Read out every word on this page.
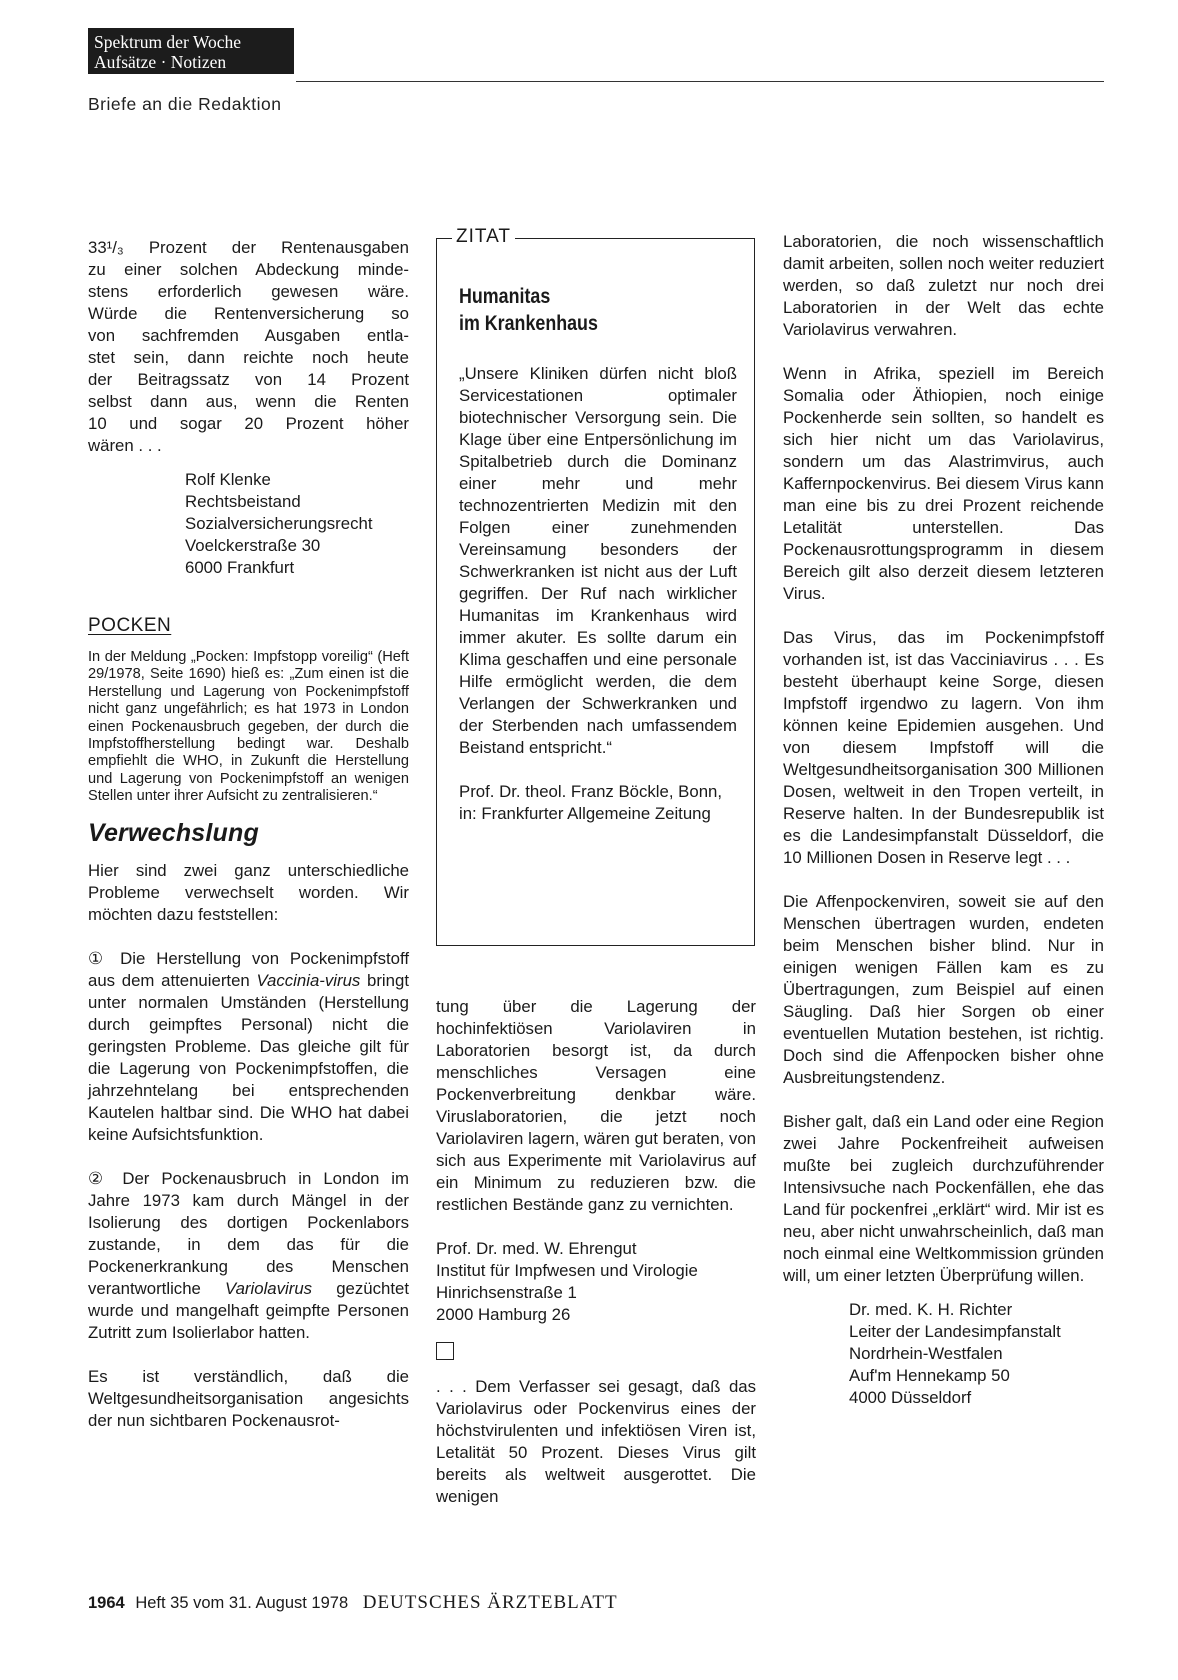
Spektrum der Woche
Aufsätze · Notizen
Briefe an die Redaktion

33¹/₃ Prozent der Rentenausgaben
zu einer solchen Abdeckung minde-
stens erforderlich gewesen wäre.
Würde die Rentenversicherung so
von sachfremden Ausgaben entla-
stet sein, dann reichte noch heute
der Beitragssatz von 14 Prozent
selbst dann aus, wenn die Renten
10 und sogar 20 Prozent höher
wären . . .

Rolf Klenke
Rechtsbeistand
Sozialversicherungsrecht
Voelckerstraße 30
6000 Frankfurt
POCKEN

In der Meldung „Pocken: Impfstopp voreilig“ (Heft 29/1978, Seite 1690) hieß es: „Zum einen ist die Herstellung und Lagerung von Pockenimpfstoff nicht ganz ungefährlich; es hat 1973 in London einen Pockenausbruch gegeben, der durch die Impfstoffherstellung bedingt war. Deshalb empfiehlt die WHO, in Zukunft die Herstellung und Lagerung von Pockenimpfstoff an wenigen Stellen unter ihrer Aufsicht zu zentralisieren.“

Verwechslung

Hier sind zwei ganz unterschiedliche Probleme verwechselt worden. Wir möchten dazu feststellen:

① Die Herstellung von Pockenimpfstoff aus dem attenuierten Vaccinia-virus bringt unter normalen Umständen (Herstellung durch geimpftes Personal) nicht die geringsten Probleme. Das gleiche gilt für die Lagerung von Pockenimpfstoffen, die jahrzehntelang bei entsprechenden Kautelen haltbar sind. Die WHO hat dabei keine Aufsichtsfunktion.

② Der Pockenausbruch in London im Jahre 1973 kam durch Mängel in der Isolierung des dortigen Pockenlabors zustande, in dem das für die Pockenerkrankung des Menschen verantwortliche Variolavirus gezüchtet wurde und mangelhaft geimpfte Personen Zutritt zum Isolierlabor hatten.

Es ist verständlich, daß die Weltgesundheitsorganisation angesichts der nun sichtbaren Pockenausrot-

ZITAT
Humanitas
im Krankenhaus

„Unsere Kliniken dürfen nicht bloß Servicestationen optimaler biotechnischer Versorgung sein. Die Klage über eine Entpersönlichung im Spitalbetrieb durch die Dominanz einer mehr und mehr technozentrierten Medizin mit den Folgen einer zunehmenden Vereinsamung besonders der Schwerkranken ist nicht aus der Luft gegriffen. Der Ruf nach wirklicher Humanitas im Krankenhaus wird immer akuter. Es sollte darum ein Klima geschaffen und eine personale Hilfe ermöglicht werden, die dem Verlangen der Schwerkranken und der Sterbenden nach umfassendem Beistand entspricht.“

Prof. Dr. theol. Franz Böckle, Bonn, in: Frankfurter Allgemeine Zeitung

tung über die Lagerung der hochinfektiösen Variolaviren in Laboratorien besorgt ist, da durch menschliches Versagen eine Pockenverbreitung denkbar wäre. Viruslaboratorien, die jetzt noch Variolaviren lagern, wären gut beraten, von sich aus Experimente mit Variolavirus auf ein Minimum zu reduzieren bzw. die restlichen Bestände ganz zu vernichten.

Prof. Dr. med. W. Ehrengut
Institut für Impfwesen und Virologie
Hinrichsenstraße 1
2000 Hamburg 26

. . . Dem Verfasser sei gesagt, daß das Variolavirus oder Pockenvirus eines der höchstvirulenten und infektiösen Viren ist, Letalität 50 Prozent. Dieses Virus gilt bereits als weltweit ausgerottet. Die wenigen

Laboratorien, die noch wissenschaftlich damit arbeiten, sollen noch weiter reduziert werden, so daß zuletzt nur noch drei Laboratorien in der Welt das echte Variolavirus verwahren.

Wenn in Afrika, speziell im Bereich Somalia oder Äthiopien, noch einige Pockenherde sein sollten, so handelt es sich hier nicht um das Variolavirus, sondern um das Alastrimvirus, auch Kaffernpockenvirus. Bei diesem Virus kann man eine bis zu drei Prozent reichende Letalität unterstellen. Das Pockenausrottungsprogramm in diesem Bereich gilt also derzeit diesem letzteren Virus.

Das Virus, das im Pockenimpfstoff vorhanden ist, ist das Vacciniavirus . . . Es besteht überhaupt keine Sorge, diesen Impfstoff irgendwo zu lagern. Von ihm können keine Epidemien ausgehen. Und von diesem Impfstoff will die Weltgesundheitsorganisation 300 Millionen Dosen, weltweit in den Tropen verteilt, in Reserve halten. In der Bundesrepublik ist es die Landesimpfanstalt Düsseldorf, die 10 Millionen Dosen in Reserve legt . . .

Die Affenpockenviren, soweit sie auf den Menschen übertragen wurden, endeten beim Menschen bisher blind. Nur in einigen wenigen Fällen kam es zu Übertragungen, zum Beispiel auf einen Säugling. Daß hier Sorgen ob einer eventuellen Mutation bestehen, ist richtig. Doch sind die Affenpocken bisher ohne Ausbreitungstendenz.

Bisher galt, daß ein Land oder eine Region zwei Jahre Pockenfreiheit aufweisen mußte bei zugleich durchzuführender Intensivsuche nach Pockenfällen, ehe das Land für pockenfrei „erklärt“ wird. Mir ist es neu, aber nicht unwahrscheinlich, daß man noch einmal eine Weltkommission gründen will, um einer letzten Überprüfung willen.

Dr. med. K. H. Richter
Leiter der Landesimpfanstalt
Nordrhein-Westfalen
Auf'm Hennekamp 50
4000 Düsseldorf
1964 Heft 35 vom 31. August 1978 DEUTSCHES ÄRZTEBLATT
